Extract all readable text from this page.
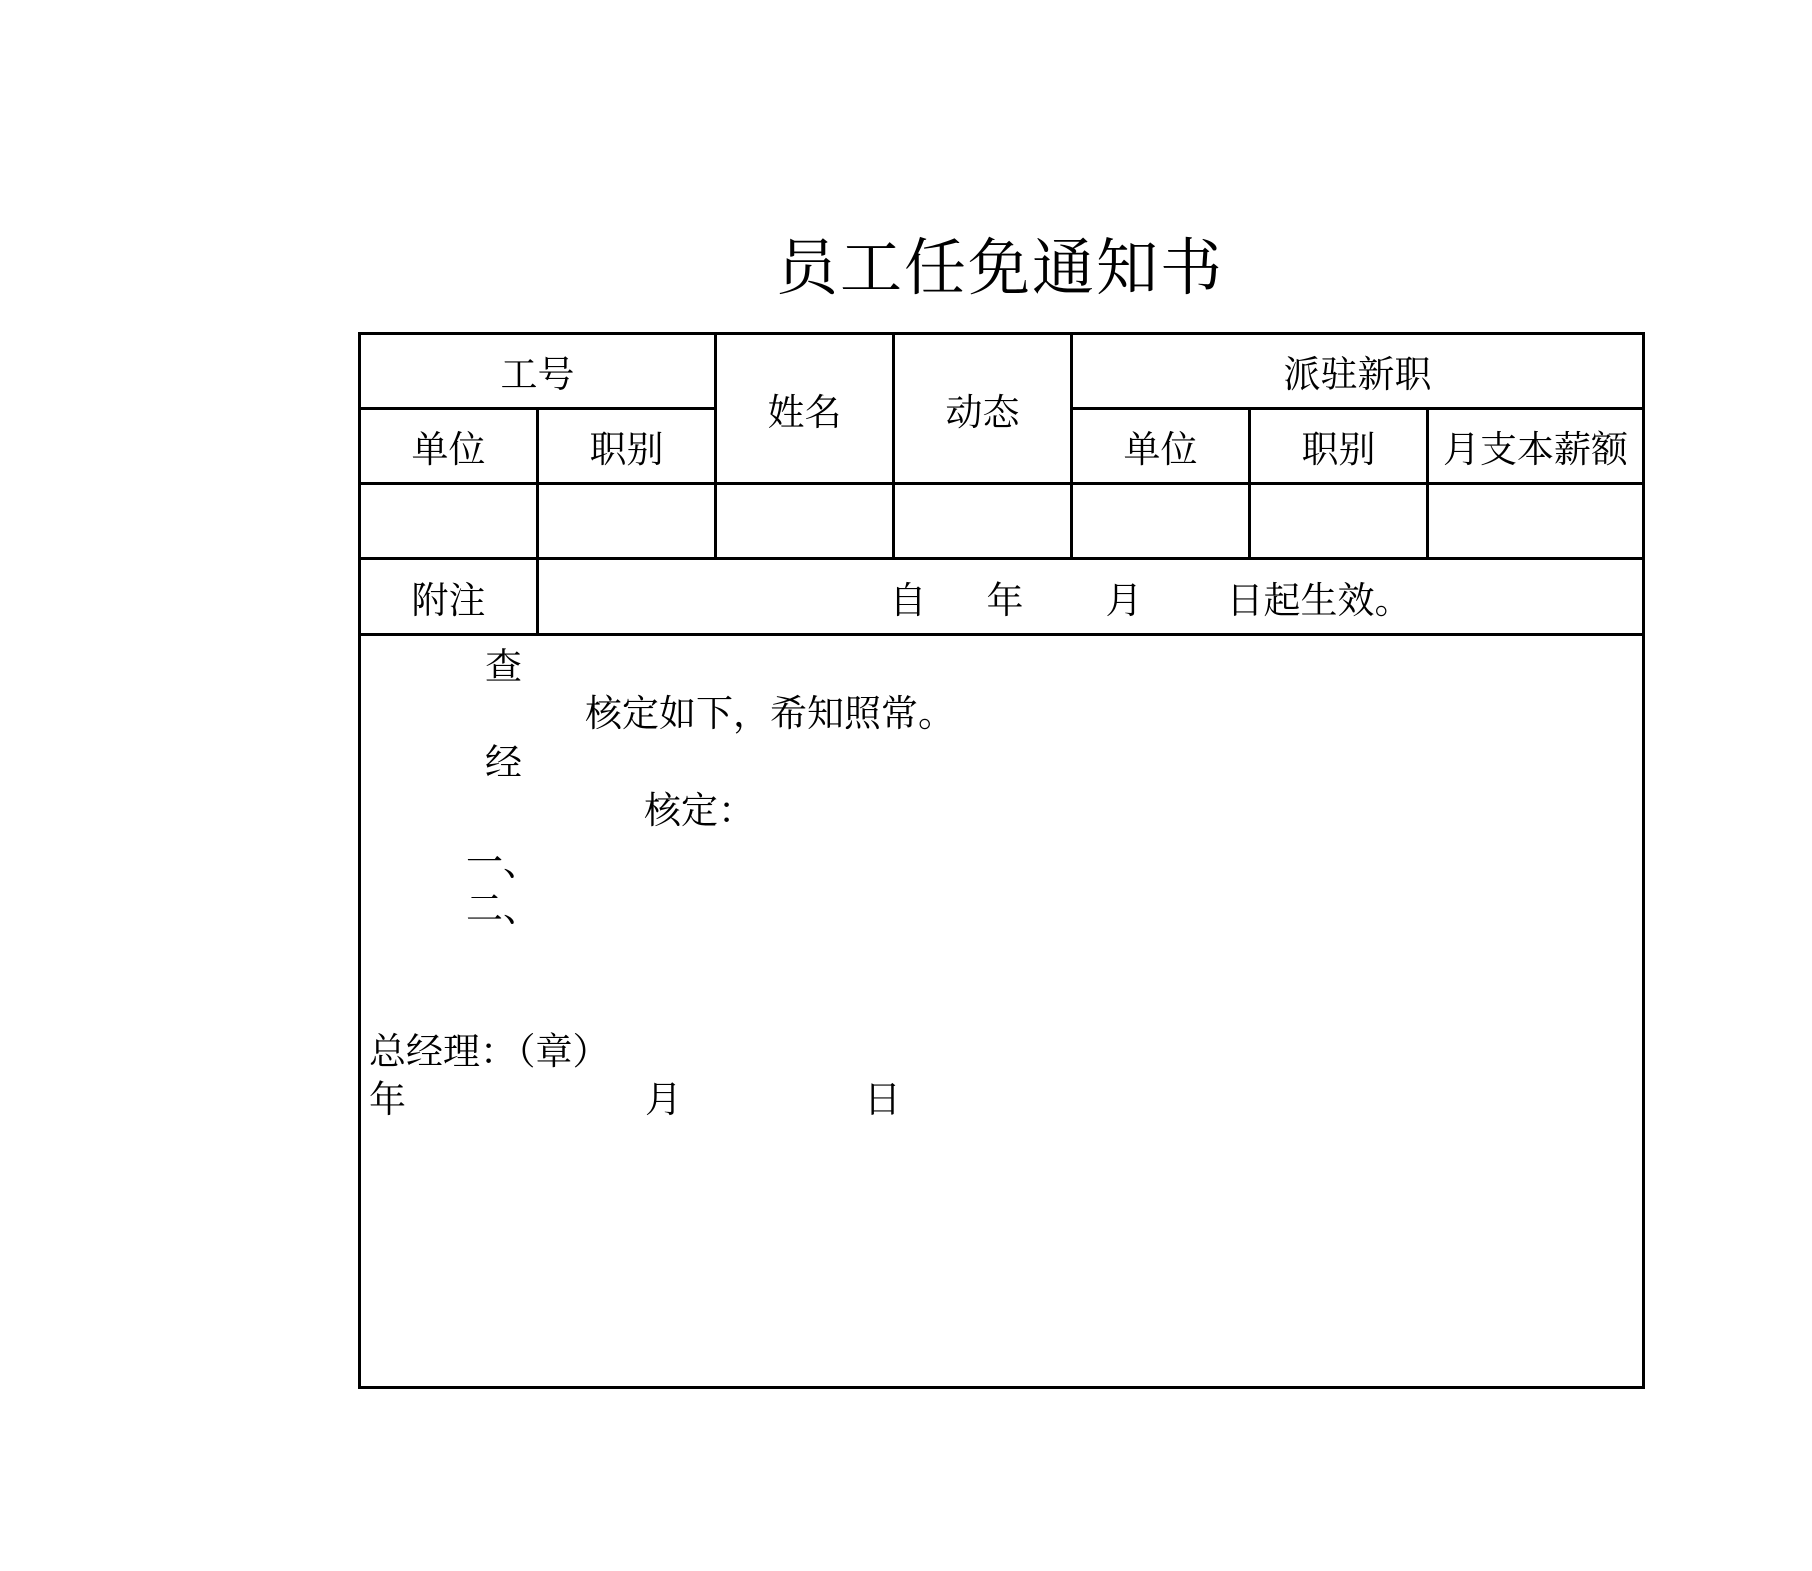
员工任免通知书
工号		姓名	动态	派驻新职		
单位	职别			单位	职别	月支本薪额

附注	自 年 月 日起生效。					
查
核定如下，希知照常。
经
核定：
一、
二、
总经理：（章）
年	月	日
